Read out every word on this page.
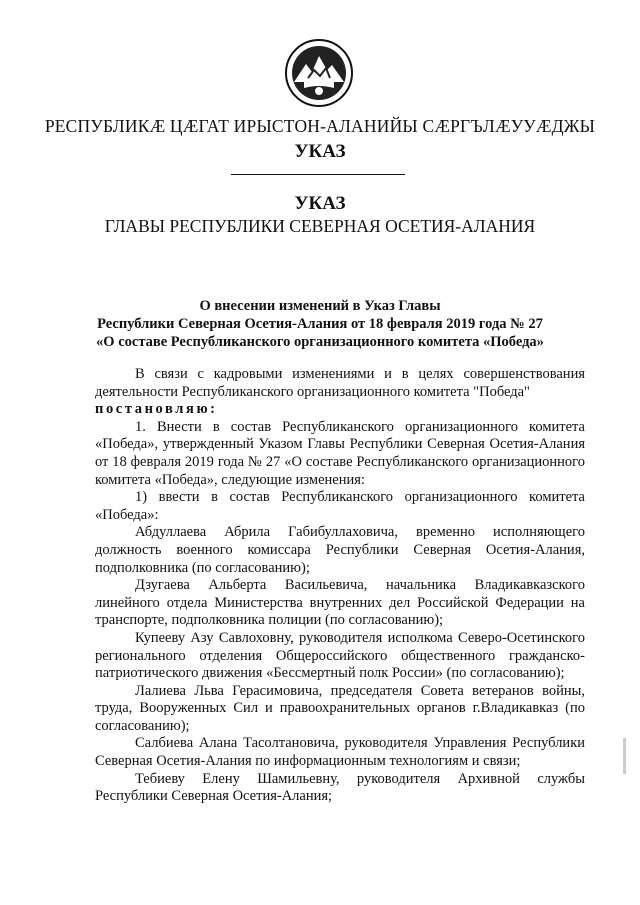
РЕСПУБЛИКӔ ЦӔГАТ ИРЫСТОН-АЛАНИЙЫ СӔРГЪЛӔУУӔДЖЫ
УКАЗ
УКАЗ
ГЛАВЫ РЕСПУБЛИКИ СЕВЕРНАЯ ОСЕТИЯ-АЛАНИЯ
О внесении изменений в Указ Главы
Республики Северная Осетия-Алания от 18 февраля 2019 года № 27
«О составе Республиканского организационного комитета «Победа»

В связи с кадровыми изменениями и в целях совершенствования деятельности Республиканского организационного комитета "Победа"

постановляю:

1. Внести в состав Республиканского организационного комитета «Победа», утвержденный Указом Главы Республики Северная Осетия-Алания от 18 февраля 2019 года № 27 «О составе Республиканского организационного комитета «Победа», следующие изменения:

1) ввести в состав Республиканского организационного комитета «Победа»:

Абдуллаева Абрила Габибуллаховича, временно исполняющего должность военного комиссара Республики Северная Осетия-Алания, подполковника (по согласованию);

Дзугаева Альберта Васильевича, начальника Владикавказского линейного отдела Министерства внутренних дел Российской Федерации на транспорте, подполковника полиции (по согласованию);

Купееву Азу Савлоховну, руководителя исполкома Северо-Осетинского регионального отделения Общероссийского общественного гражданско-патриотического движения «Бессмертный полк России» (по согласованию);

Лалиева Льва Герасимовича, председателя Совета ветеранов войны, труда, Вооруженных Сил и правоохранительных органов г.Владикавказ (по согласованию);

Салбиева Алана Тасолтановича, руководителя Управления Республики Северная Осетия-Алания по информационным технологиям и связи;

Тебиеву Елену Шамильевну, руководителя Архивной службы Республики Северная Осетия-Алания;
